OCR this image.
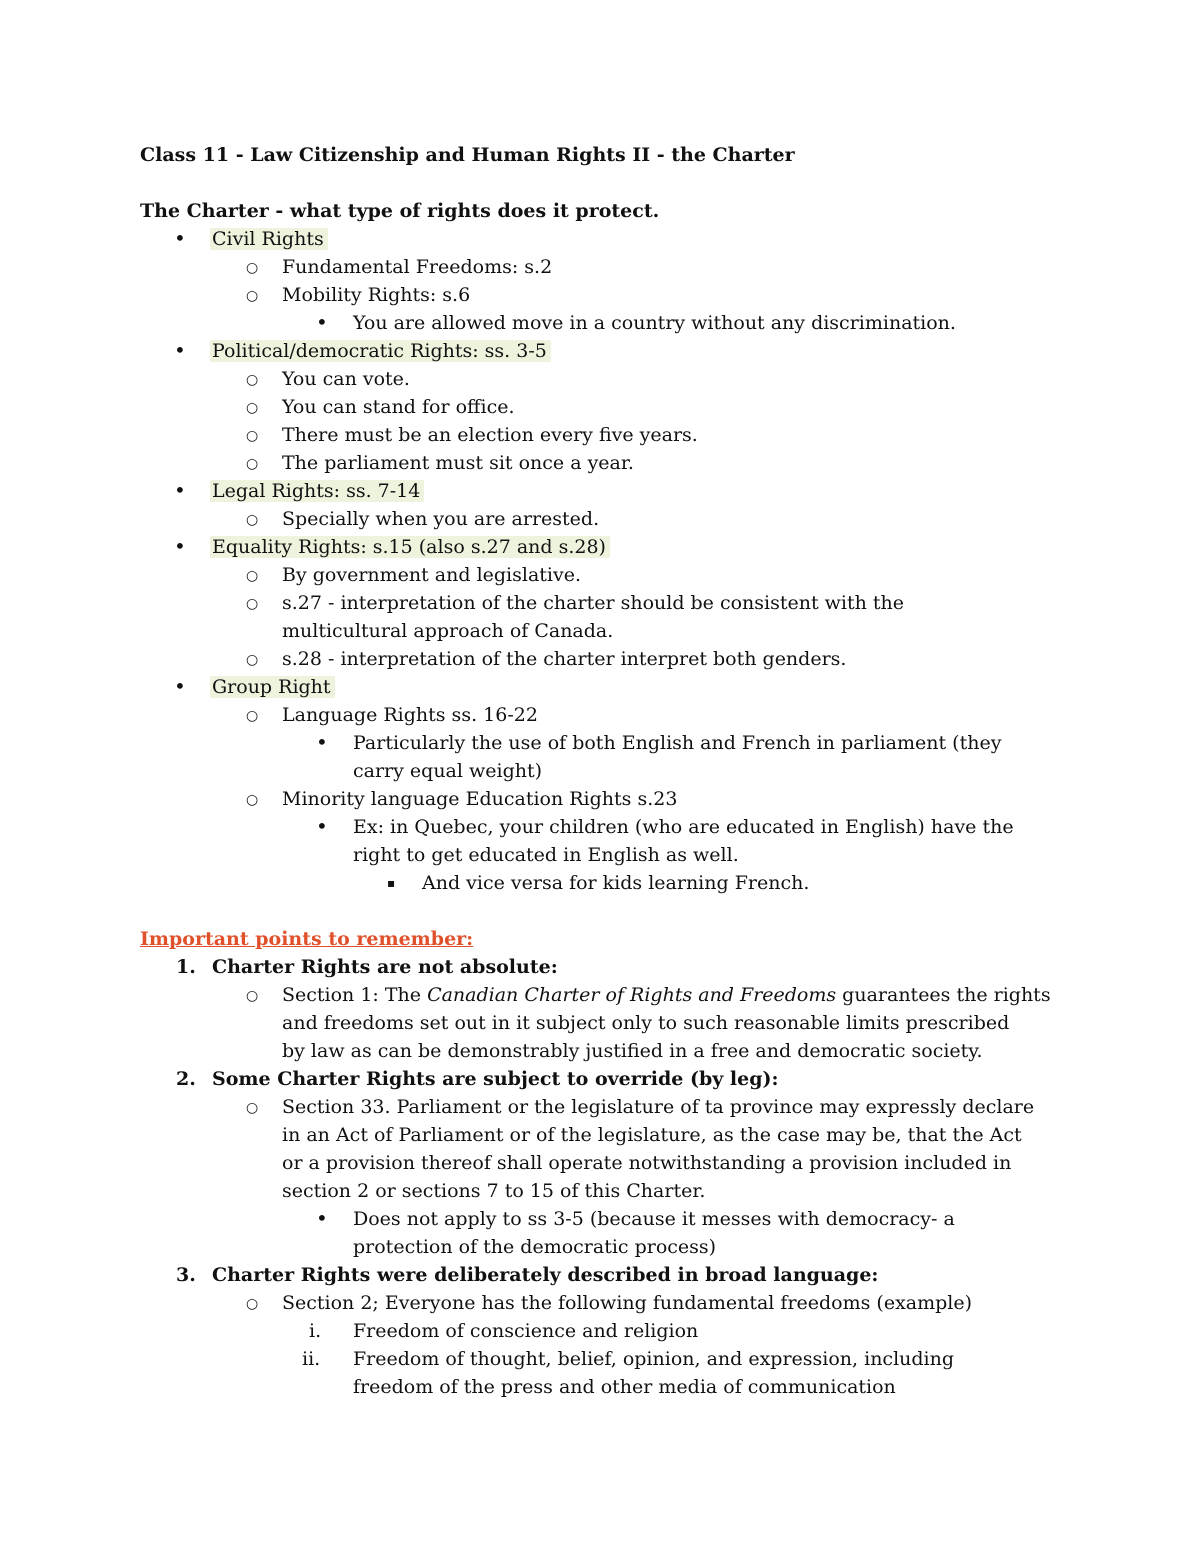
Class 11 - Law Citizenship and Human Rights II - the Charter
The Charter - what type of rights does it protect.
• Civil Rights
○ Fundamental Freedoms: s.2
○ Mobility Rights: s.6
• You are allowed move in a country without any discrimination.
• Political/democratic Rights: ss. 3-5
○ You can vote.
○ You can stand for office.
○ There must be an election every five years.
○ The parliament must sit once a year.
• Legal Rights: ss. 7-14
○ Specially when you are arrested.
• Equality Rights: s.15 (also s.27 and s.28)
○ By government and legislative.
○ s.27 - interpretation of the charter should be consistent with the
multicultural approach of Canada.
○ s.28 - interpretation of the charter interpret both genders.
• Group Right
○ Language Rights ss. 16-22
• Particularly the use of both English and French in parliament (they
carry equal weight)
○ Minority language Education Rights s.23
• Ex: in Quebec, your children (who are educated in English) have the
right to get educated in English as well.
▪ And vice versa for kids learning French.
Important points to remember:
1. Charter Rights are not absolute:
○ Section 1: The Canadian Charter of Rights and Freedoms guarantees the rights
and freedoms set out in it subject only to such reasonable limits prescribed
by law as can be demonstrably justified in a free and democratic society.
2. Some Charter Rights are subject to override (by leg):
○ Section 33. Parliament or the legislature of ta province may expressly declare
in an Act of Parliament or of the legislature, as the case may be, that the Act
or a provision thereof shall operate notwithstanding a provision included in
section 2 or sections 7 to 15 of this Charter.
• Does not apply to ss 3-5 (because it messes with democracy- a
protection of the democratic process)
3. Charter Rights were deliberately described in broad language:
○ Section 2; Everyone has the following fundamental freedoms (example)
i. Freedom of conscience and religion
ii. Freedom of thought, belief, opinion, and expression, including
freedom of the press and other media of communication
